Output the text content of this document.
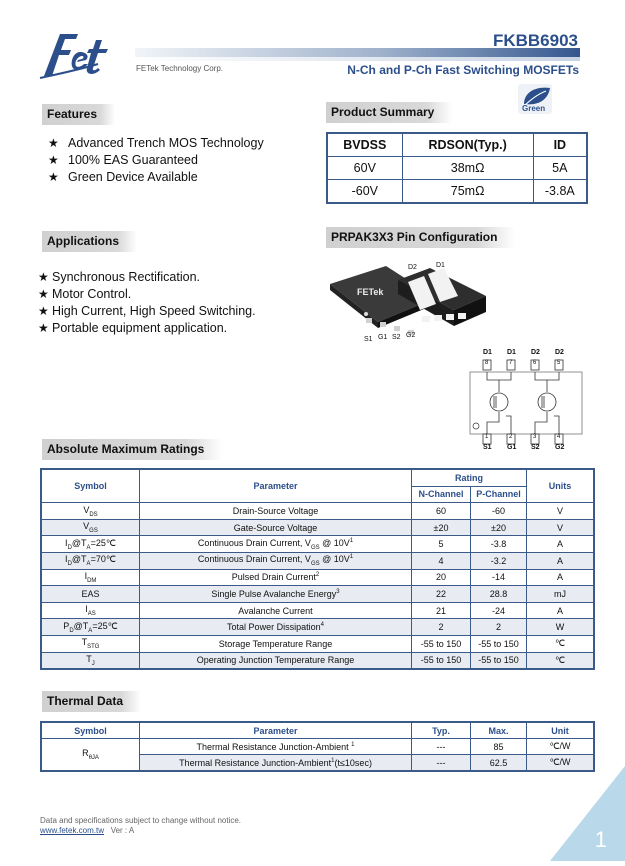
FKBB6903
FETek Technology Corp.	N-Ch and P-Ch Fast Switching MOSFETs
Green
Features
★ Advanced Trench MOS Technology
★ 100% EAS Guaranteed
★ Green Device Available
Product Summary
BVDSS	RDSON(Typ.)	ID
60V	38mΩ	5A
-60V	75mΩ	-3.8A
Applications
★ Synchronous Rectification.
★ Motor Control.
★ High Current, High Speed Switching.
★ Portable equipment application.
PRPAK3X3 Pin Configuration
FETek
D2	D1
S1 G1 S2 G2
D1 D1 D2 D2
8	7	6	5
1	2	3	4
S1 G1 S2 G2
Absolute Maximum Ratings
Symbol	Parameter	Rating		Units
		N-Channel	P-Channel	
$V_{DS}$	Drain-Source Voltage	60	-60	V
$V_{GS}$	Gate-Source Voltage	±20	±20	V
$I_D@T_A=25℃$	Continuous Drain Current, $V_{GS}$ @ $10V^1$	5	-3.8	A
$I_D@T_A=70℃$	Continuous Drain Current, $V_{GS}$ @ $10V^1$	4	-3.2	A
$I_{DM}$	Pulsed Drain Current$^2$	20	-14	A
EAS	Single Pulse Avalanche Energy$^3$	22	28.8	mJ
$I_{AS}$	Avalanche Current	21	-24	A
$P_D@T_A=25℃$	Total Power Dissipation$^4$	2	2	W
$T_{STG}$	Storage Temperature Range	-55 to 150	-55 to 150	℃
$T_J$	Operating Junction Temperature Range	-55 to 150	-55 to 150	℃
Thermal Data
Symbol	Parameter	Typ.	Max.	Unit
$R_{\theta JA}$	Thermal Resistance Junction-Ambient $^1$	---	85	℃/W
	Thermal Resistance Junction-Ambient$^1$(t≤10sec)	---	62.5	℃/W
Data and specifications subject to change without notice.
www.fetek.com.tw Ver : A	1
